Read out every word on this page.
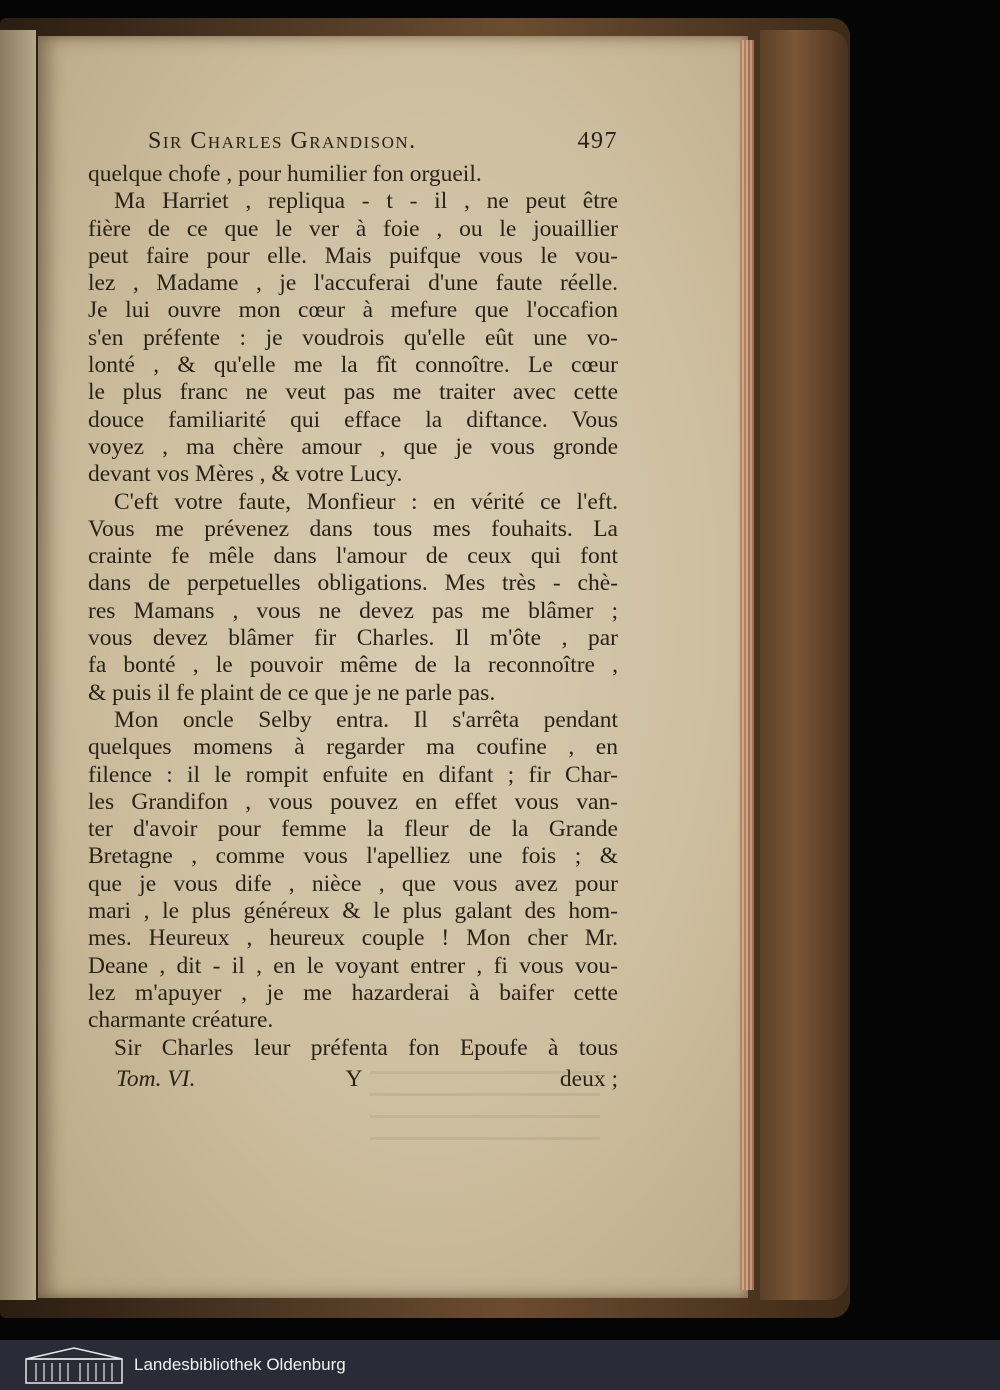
Sir Charles Grandison.	497
quelque chofe , pour humilier fon orgueil.
Ma Harriet , repliqua - t - il , ne peut être
fière de ce que le ver à foie , ou le jouaillier
peut faire pour elle. Mais puifque vous le vou-
lez , Madame , je l'accuferai d'une faute réelle.
Je lui ouvre mon cœur à mefure que l'occafion
s'en préfente : je voudrois qu'elle eût une vo-
lonté , & qu'elle me la fît connoître. Le cœur
le plus franc ne veut pas me traiter avec cette
douce familiarité qui efface la diftance. Vous
voyez , ma chère amour , que je vous gronde
devant vos Mères , & votre Lucy.
C'eft votre faute, Monfieur : en vérité ce l'eft.
Vous me prévenez dans tous mes fouhaits. La
crainte fe mêle dans l'amour de ceux qui font
dans de perpetuelles obligations. Mes très - chè-
res Mamans , vous ne devez pas me blâmer ;
vous devez blâmer fir Charles. Il m'ôte , par
fa bonté , le pouvoir même de la reconnoître ,
& puis il fe plaint de ce que je ne parle pas.
Mon oncle Selby entra. Il s'arrêta pendant
quelques momens à regarder ma coufine , en
filence : il le rompit enfuite en difant ; fir Char-
les Grandifon , vous pouvez en effet vous van-
ter d'avoir pour femme la fleur de la Grande
Bretagne , comme vous l'apelliez une fois ; &
que je vous dife , nièce , que vous avez pour
mari , le plus généreux & le plus galant des hom-
mes. Heureux , heureux couple ! Mon cher Mr.
Deane , dit - il , en le voyant entrer , fi vous vou-
lez m'apuyer , je me hazarderai à baifer cette
charmante créature.
Sir Charles leur préfenta fon Epoufe à tous
Tom. VI.	Y	deux ;
Landesbibliothek Oldenburg
